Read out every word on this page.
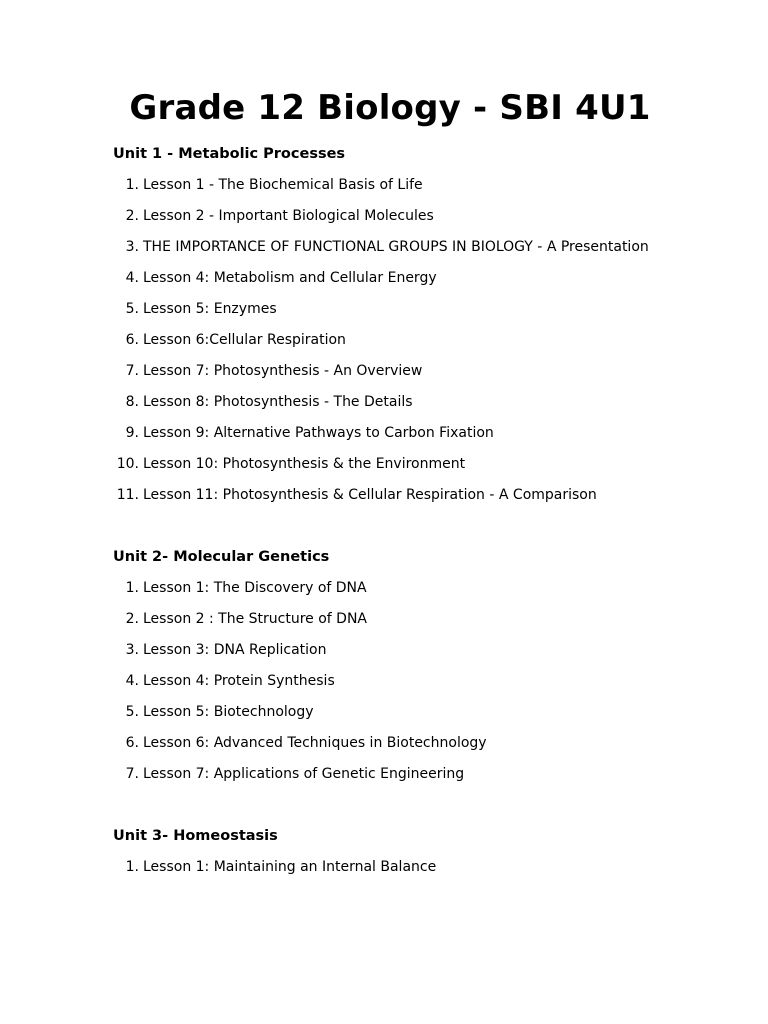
Grade 12 Biology - SBI 4U1
Unit 1 - Metabolic Processes
1. Lesson 1 - The Biochemical Basis of Life
2. Lesson 2 - Important Biological Molecules
3. THE IMPORTANCE OF FUNCTIONAL GROUPS IN BIOLOGY - A Presentation
4. Lesson 4: Metabolism and Cellular Energy
5. Lesson 5: Enzymes
6. Lesson 6:Cellular Respiration
7. Lesson 7: Photosynthesis - An Overview
8. Lesson 8: Photosynthesis - The Details
9. Lesson 9: Alternative Pathways to Carbon Fixation
10. Lesson 10: Photosynthesis & the Environment
11. Lesson 11: Photosynthesis & Cellular Respiration - A Comparison
Unit 2- Molecular Genetics
1. Lesson 1: The Discovery of DNA
2. Lesson 2 : The Structure of DNA
3. Lesson 3: DNA Replication
4. Lesson 4: Protein Synthesis
5. Lesson 5: Biotechnology
6. Lesson 6: Advanced Techniques in Biotechnology
7. Lesson 7: Applications of Genetic Engineering
Unit 3- Homeostasis
1. Lesson 1: Maintaining an Internal Balance
